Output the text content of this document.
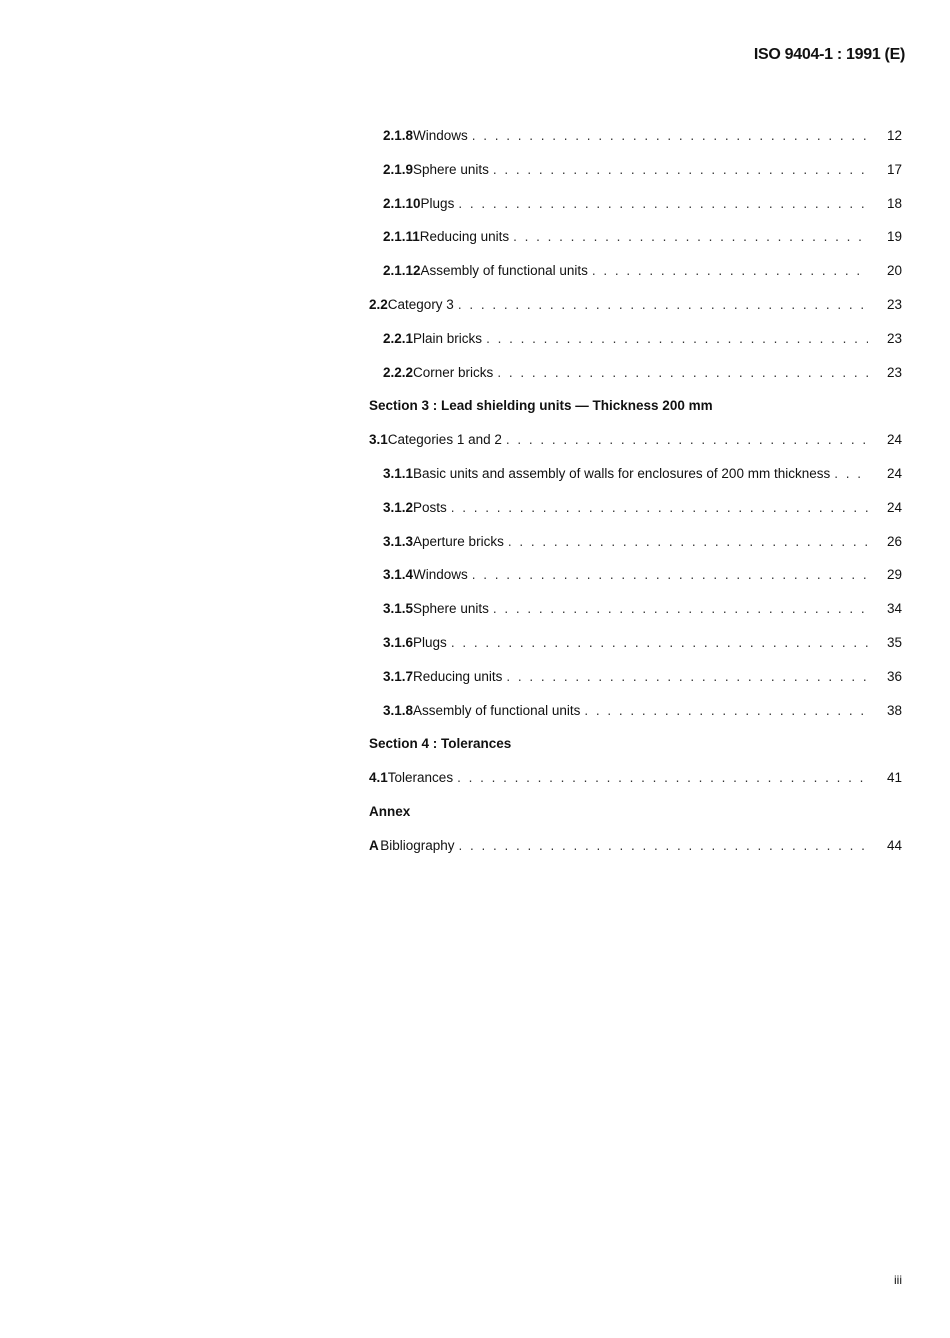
ISO 9404-1 : 1991 (E)
2.1.8 Windows . . .	12
2.1.9 Sphere units . . .	17
2.1.10 Plugs . . .	18
2.1.11 Reducing units . . .	19
2.1.12 Assembly of functional units . . .	20
2.2 Category 3 . . .	23
2.2.1 Plain bricks . . .	23
2.2.2 Corner bricks . . .	23
Section 3 : Lead shielding units — Thickness 200 mm
3.1 Categories 1 and 2 . . .	24
3.1.1 Basic units and assembly of walls for enclosures of 200 mm thickness . . .	24
3.1.2 Posts . . .	24
3.1.3 Aperture bricks . . .	26
3.1.4 Windows . . .	29
3.1.5 Sphere units . . .	34
3.1.6 Plugs . . .	35
3.1.7 Reducing units . . .	36
3.1.8 Assembly of functional units . . .	38
Section 4 : Tolerances
4.1 Tolerances . . .	41
Annex
A Bibliography . . .	44
iii
